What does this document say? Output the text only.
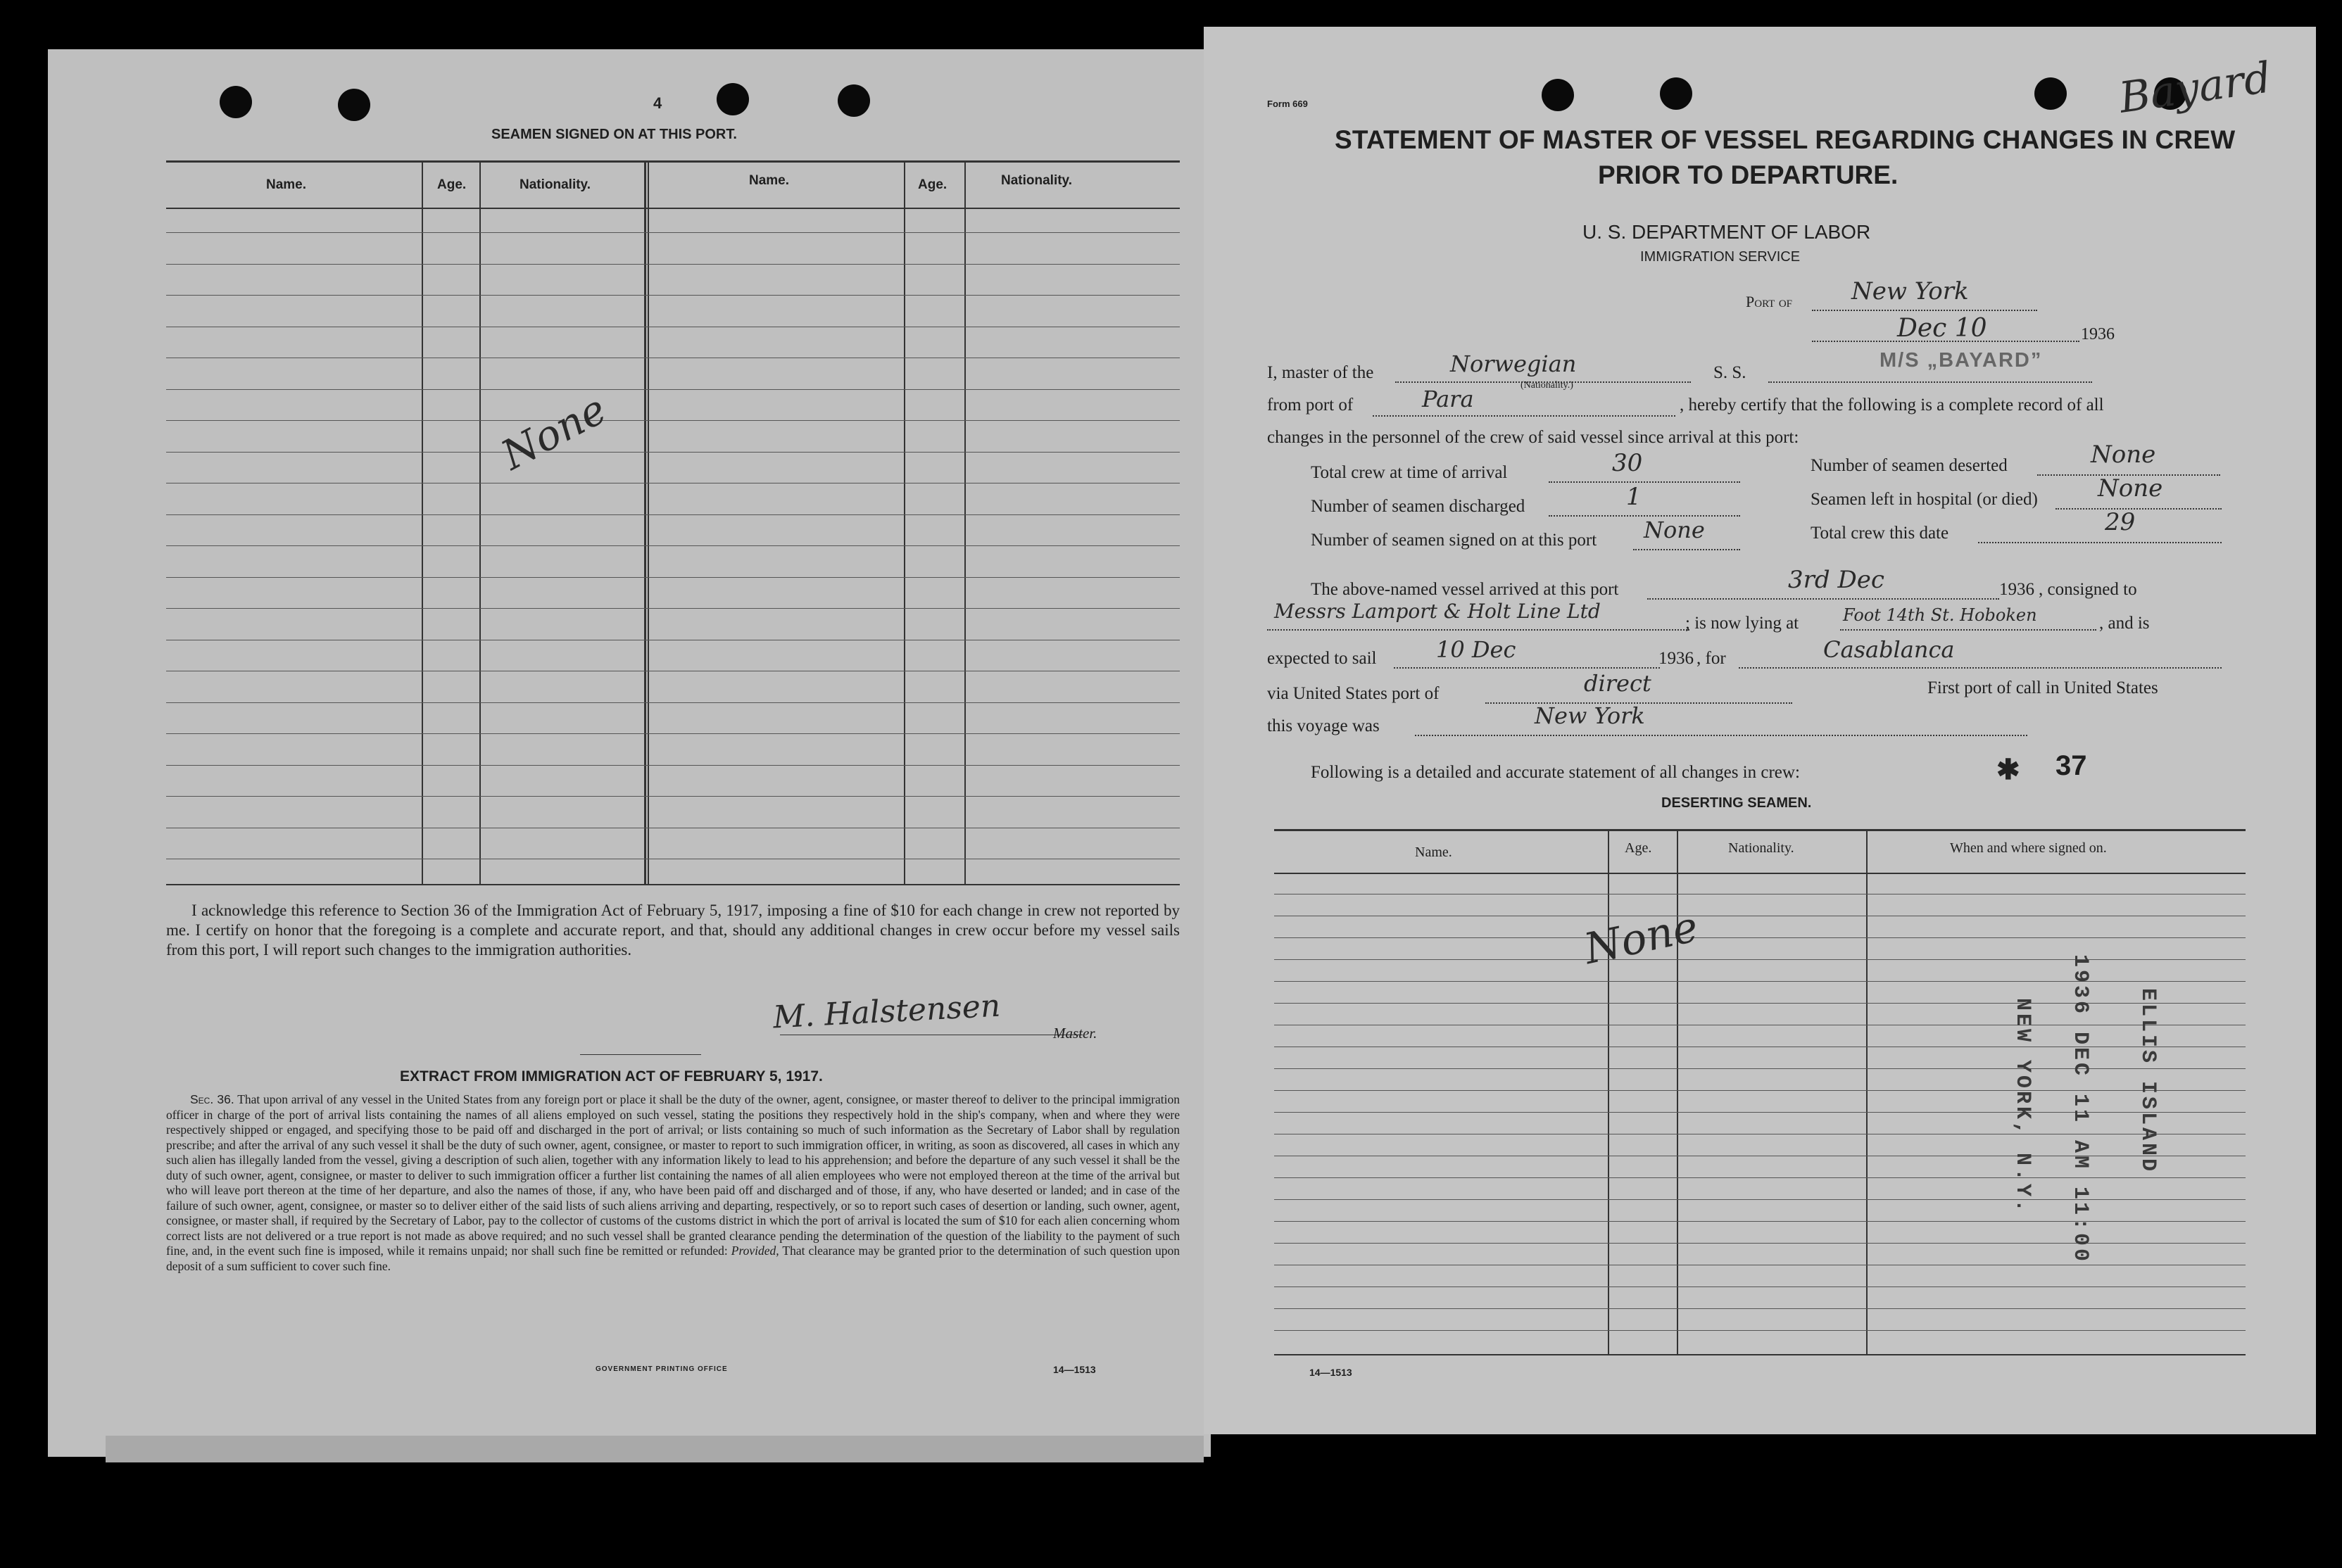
4
SEAMEN SIGNED ON AT THIS PORT.
Name.	Age.	Nationality.	Name.	Age.	Nationality.
None
I acknowledge this reference to Section 36 of the Immigration Act of February 5, 1917, imposing a fine of $10 for each change in crew not reported by me. I certify on honor that the foregoing is a complete and accurate report, and that, should any additional changes in crew occur before my vessel sails from this port, I will report such changes to the immigration authorities.
M. Halstensen	Master.
EXTRACT FROM IMMIGRATION ACT OF FEBRUARY 5, 1917.
Sec. 36. That upon arrival of any vessel in the United States from any foreign port or place it shall be the duty of the owner, agent, consignee, or master thereof to deliver to the principal immigration officer in charge of the port of arrival lists containing the names of all aliens employed on such vessel, stating the positions they respectively hold in the ship's company, when and where they were respectively shipped or engaged, and specifying those to be paid off and discharged in the port of arrival; or lists containing so much of such information as the Secretary of Labor shall by regulation prescribe; and after the arrival of any such vessel it shall be the duty of such owner, agent, consignee, or master to report to such immigration officer, in writing, as soon as discovered, all cases in which any such alien has illegally landed from the vessel, giving a description of such alien, together with any information likely to lead to his apprehension; and before the departure of any such vessel it shall be the duty of such owner, agent, consignee, or master to deliver to such immigration officer a further list containing the names of all alien employees who were not employed thereon at the time of the arrival but who will leave port thereon at the time of her departure, and also the names of those, if any, who have been paid off and discharged and of those, if any, who have deserted or landed; and in case of the failure of such owner, agent, consignee, or master so to deliver either of the said lists of such aliens arriving and departing, respectively, or so to report such cases of desertion or landing, such owner, agent, consignee, or master shall, if required by the Secretary of Labor, pay to the collector of customs of the customs district in which the port of arrival is located the sum of $10 for each alien concerning whom correct lists are not delivered or a true report is not made as above required; and no such vessel shall be granted clearance pending the determination of the question of the liability to the payment of such fine, and, in the event such fine is imposed, while it remains unpaid; nor shall such fine be remitted or refunded: Provided, That clearance may be granted prior to the determination of such question upon deposit of a sum sufficient to cover such fine.
GOVERNMENT PRINTING OFFICE	14—1513
Form 669	Bayard
STATEMENT OF MASTER OF VESSEL REGARDING CHANGES IN CREW
PRIOR TO DEPARTURE.
U. S. DEPARTMENT OF LABOR
IMMIGRATION SERVICE
Port of New York
Dec 10	1936
I, master of the	Norwegian
(Nationality.)
S. S.
M/S „BAYARD”
from port of	Para	, hereby certify that the following is a complete record of all
changes in the personnel of the crew of said vessel since arrival at this port:
Total crew at time of arrival	30	Number of seamen deserted	None
Number of seamen discharged	1	Seamen left in hospital (or died)	None
Number of seamen signed on at this port None	Total crew this date	29
The above-named vessel arrived at this port	3rd Dec	1936 , consigned to
Messrs Lamport & Holt Line Ltd
; is now lying at	Foot 14th St. Hoboken	, and is
expected to sail	10 Dec	1936 , for	Casablanca
via United States port of	direct	First port of call in United States
this voyage was	New York
Following is a detailed and accurate statement of all changes in crew:	✱ 37
DESERTING SEAMEN.
Name.	Age.	Nationality.	When and where signed on.
None
ELLIS ISLAND
1936 DEC 11 AM 11:00
NEW YORK, N.Y.
14—1513
